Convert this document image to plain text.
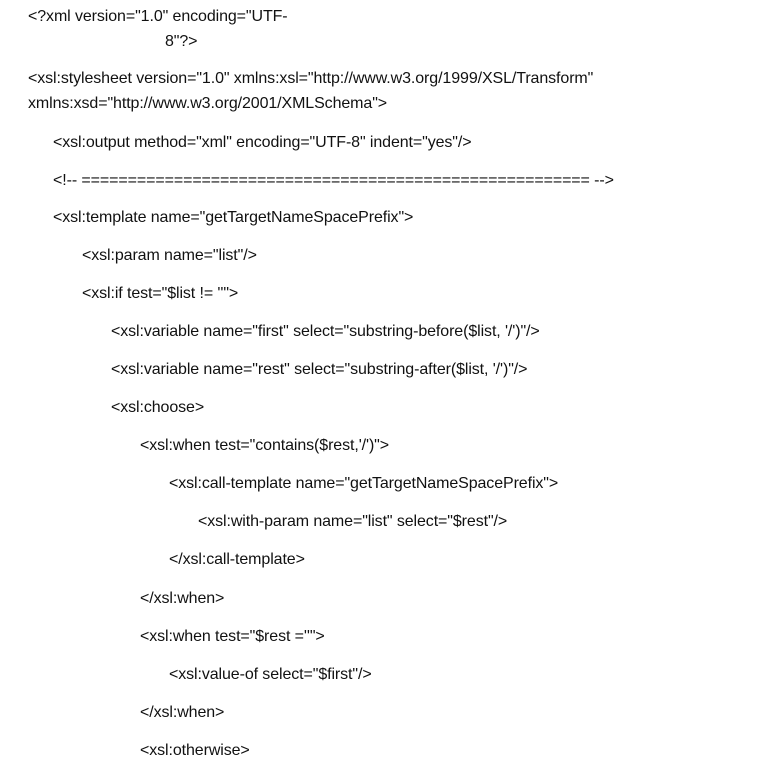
<?xml version="1.0" encoding="UTF-
8"?>
<xsl:stylesheet version="1.0" xmlns:xsl="http://www.w3.org/1999/XSL/Transform"
xmlns:xsd="http://www.w3.org/2001/XMLSchema">
<xsl:output method="xml" encoding="UTF-8" indent="yes"/>
<!-- ======================================================= -->
<xsl:template name="getTargetNameSpacePrefix">
<xsl:param name="list"/>
<xsl:if test="$list != ''">
<xsl:variable name="first" select="substring-before($list, '/')"/>
<xsl:variable name="rest" select="substring-after($list, '/')"/>
<xsl:choose>
<xsl:when test="contains($rest,'/')">
<xsl:call-template name="getTargetNameSpacePrefix">
<xsl:with-param name="list" select="$rest"/>
</xsl:call-template>
</xsl:when>
<xsl:when test="$rest =''">
<xsl:value-of select="$first"/>
</xsl:when>
<xsl:otherwise>
